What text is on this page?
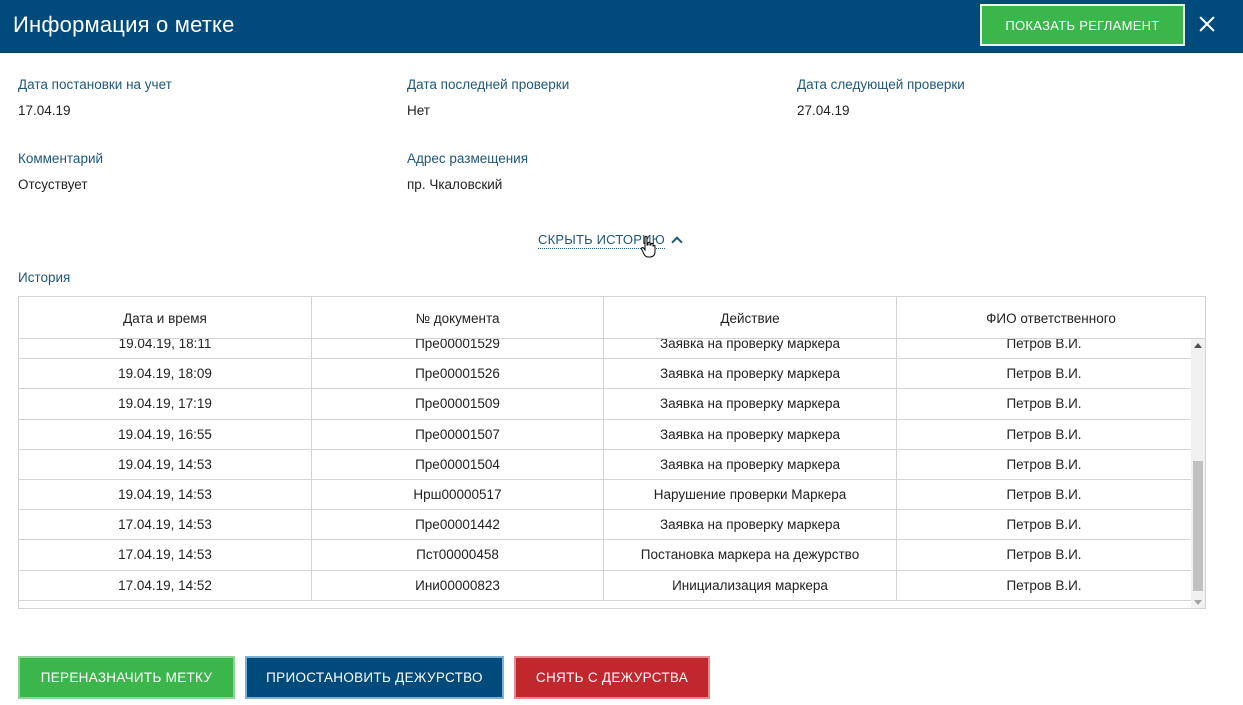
Информация о метке	ПОКАЗАТЬ РЕГЛАМЕНТ
Дата постановки на учет
17.04.19
Дата последней проверки
Нет
Дата следующей проверки
27.04.19
Комментарий
Отсуствует
Адрес размещения
пр. Чкаловский
СКРЫТЬ ИСТОРИЮ
История
Дата и время	№ документа	Действие	ФИО ответственного
19.04.19, 18:11	Пре00001529	Заявка на проверку маркера	Петров В.И.
19.04.19, 18:09	Пре00001526	Заявка на проверку маркера	Петров В.И.
19.04.19, 17:19	Пре00001509	Заявка на проверку маркера	Петров В.И.
19.04.19, 16:55	Пре00001507	Заявка на проверку маркера	Петров В.И.
19.04.19, 14:53	Пре00001504	Заявка на проверку маркера	Петров В.И.
19.04.19, 14:53	Нрш00000517	Нарушение проверки Маркера	Петров В.И.
17.04.19, 14:53	Пре00001442	Заявка на проверку маркера	Петров В.И.
17.04.19, 14:53	Пст00000458	Постановка маркера на дежурство	Петров В.И.
17.04.19, 14:52	Ини00000823	Инициализация маркера	Петров В.И.
ПЕРЕНАЗНАЧИТЬ МЕТКУ	ПРИОСТАНОВИТЬ ДЕЖУРСТВО	СНЯТЬ С ДЕЖУРСТВА
